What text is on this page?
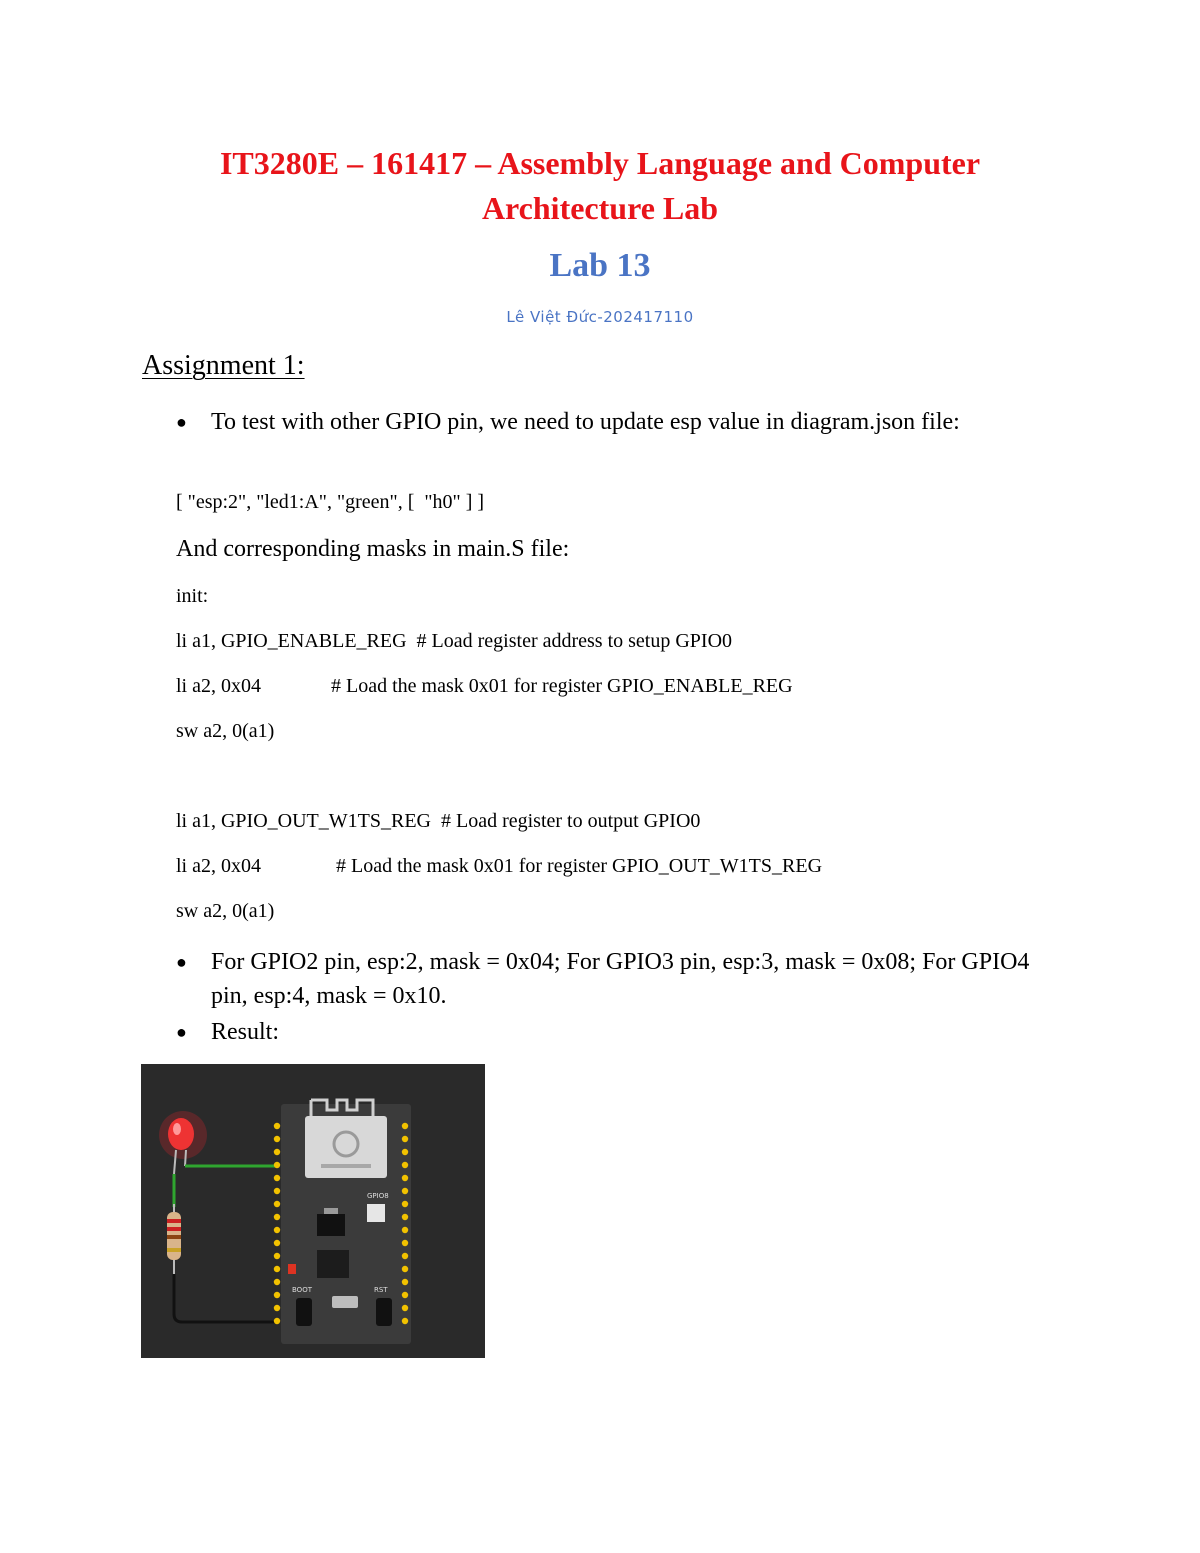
IT3280E – 161417 – Assembly Language and Computer
Architecture Lab
Lab 13
Lê Việt Đức-202417110
Assignment 1:
●	To test with other GPIO pin, we need to update esp value in diagram.json file:
[ "esp:2", "led1:A", "green", [  "h0" ] ]
And corresponding masks in main.S file:
init:
li a1, GPIO_ENABLE_REG  # Load register address to setup GPIO0
li a2, 0x04              # Load the mask 0x01 for register GPIO_ENABLE_REG
sw a2, 0(a1)
li a1, GPIO_OUT_W1TS_REG  # Load register to output GPIO0
li a2, 0x04               # Load the mask 0x01 for register GPIO_OUT_W1TS_REG
sw a2, 0(a1)
●	For GPIO2 pin, esp:2, mask = 0x04; For GPIO3 pin, esp:3, mask = 0x08; For GPIO4 pin, esp:4, mask = 0x10.
●	Result:
GPIO8
BOOT	RST
